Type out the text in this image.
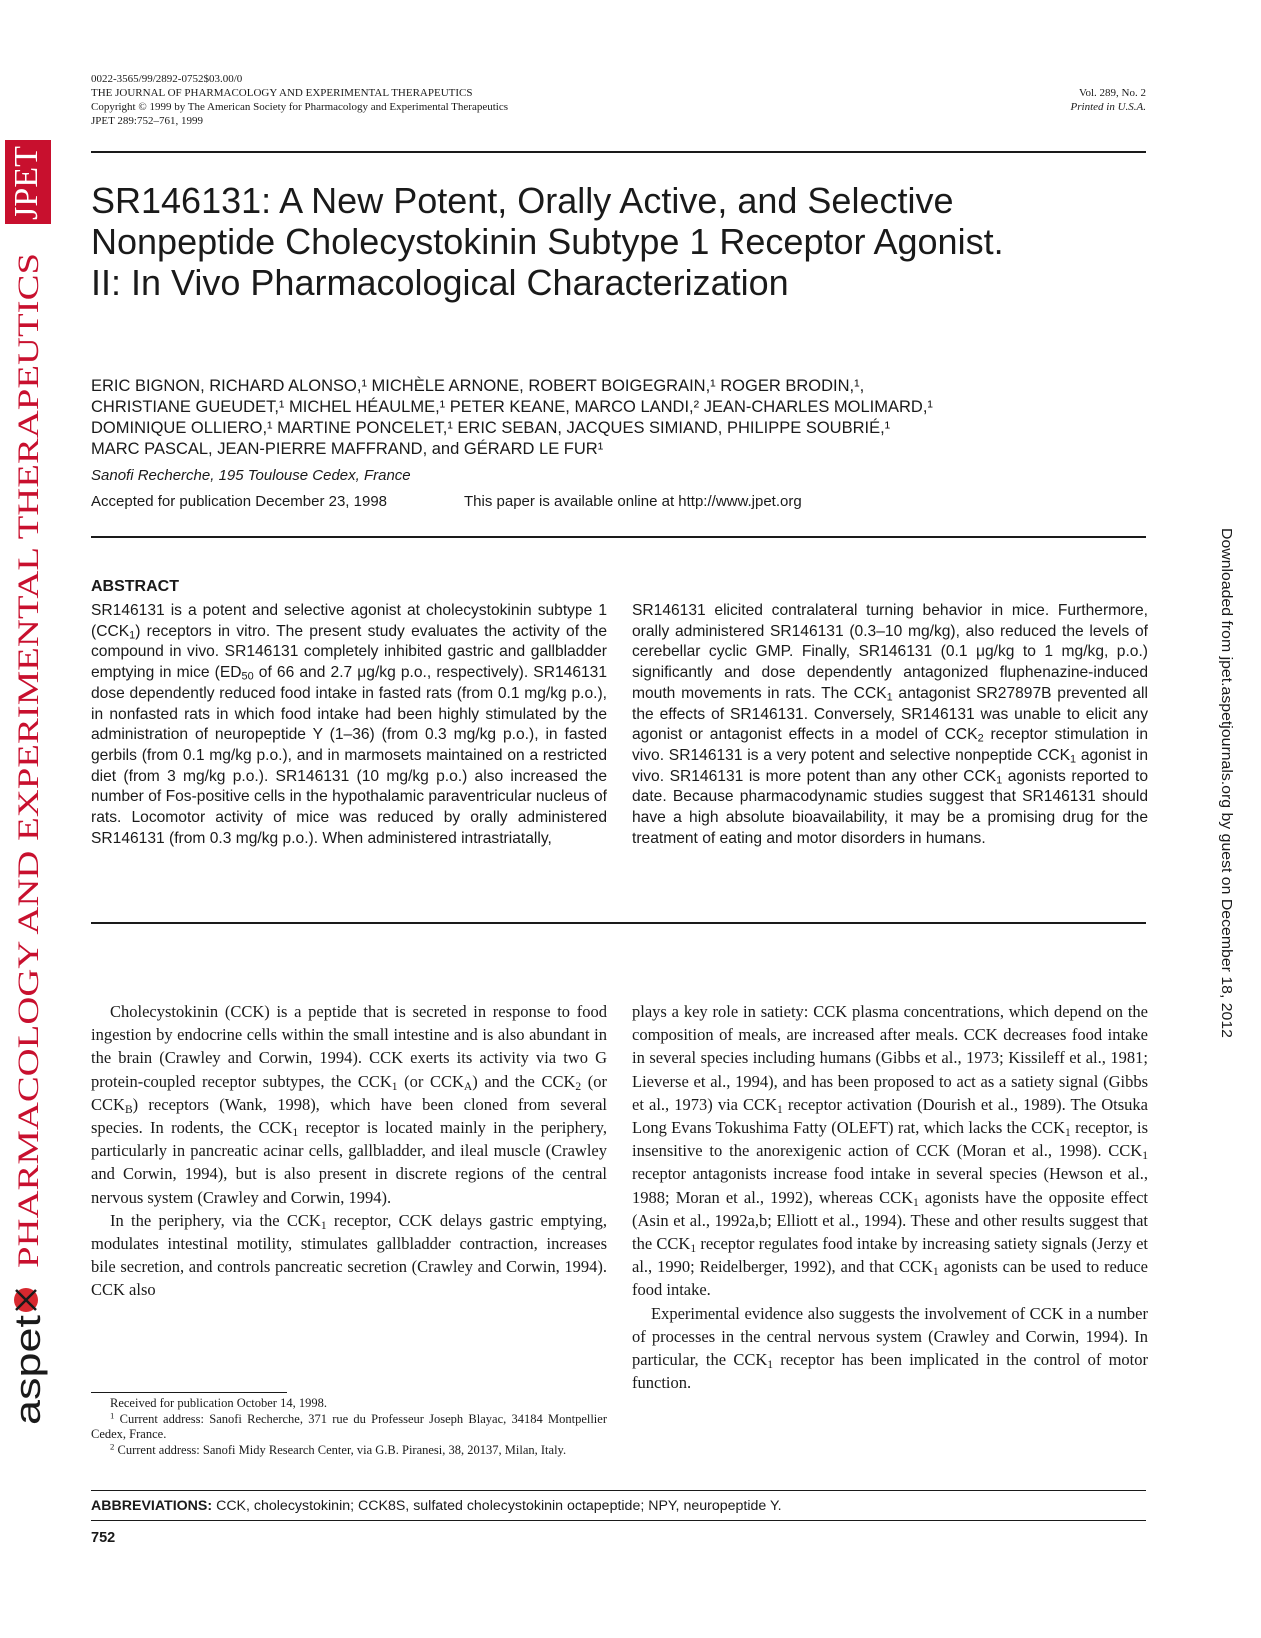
JPET
PHARMACOLOGY AND EXPERIMENTAL THERAPEUTICS
aspet
Downloaded from jpet.aspetjournals.org by guest on December 18, 2012
0022-3565/99/2892-0752$03.00/0
THE JOURNAL OF PHARMACOLOGY AND EXPERIMENTAL THERAPEUTICS
Copyright © 1999 by The American Society for Pharmacology and Experimental Therapeutics
JPET 289:752–761, 1999
Vol. 289, No. 2
Printed in U.S.A.
SR146131: A New Potent, Orally Active, and Selective
Nonpeptide Cholecystokinin Subtype 1 Receptor Agonist.
II: In Vivo Pharmacological Characterization
ERIC BIGNON, RICHARD ALONSO,¹ MICHÈLE ARNONE, ROBERT BOIGEGRAIN,¹ ROGER BRODIN,¹,
CHRISTIANE GUEUDET,¹ MICHEL HÉAULME,¹ PETER KEANE, MARCO LANDI,² JEAN-CHARLES MOLIMARD,¹
DOMINIQUE OLLIERO,¹ MARTINE PONCELET,¹ ERIC SEBAN, JACQUES SIMIAND, PHILIPPE SOUBRIÉ,¹
MARC PASCAL, JEAN-PIERRE MAFFRAND, and GÉRARD LE FUR¹
Sanofi Recherche, 195 Toulouse Cedex, France
Accepted for publication December 23, 1998	This paper is available online at http://www.jpet.org
ABSTRACT
SR146131 is a potent and selective agonist at cholecystokinin subtype 1 $(CCK_1)$ receptors in vitro. The present study evaluates the activity of the compound in vivo. SR146131 completely inhibited gastric and gallbladder emptying in mice ($ED_{50}$ of 66 and 2.7 μg/kg p.o., respectively). SR146131 dose dependently reduced food intake in fasted rats (from 0.1 mg/kg p.o.), in nonfasted rats in which food intake had been highly stimulated by the administration of neuropeptide Y (1–36) (from 0.3 mg/kg p.o.), in fasted gerbils (from 0.1 mg/kg p.o.), and in marmosets maintained on a restricted diet (from 3 mg/kg p.o.). SR146131 (10 mg/kg p.o.) also increased the number of Fos-positive cells in the hypothalamic paraventricular nucleus of rats. Locomotor activity of mice was reduced by orally administered SR146131 (from 0.3 mg/kg p.o.). When administered intrastriatally,
SR146131 elicited contralateral turning behavior in mice. Furthermore, orally administered SR146131 (0.3–10 mg/kg), also reduced the levels of cerebellar cyclic GMP. Finally, SR146131 (0.1 μg/kg to 1 mg/kg, p.o.) significantly and dose dependently antagonized fluphenazine-induced mouth movements in rats. The $CCK_1$ antagonist SR27897B prevented all the effects of SR146131. Conversely, SR146131 was unable to elicit any agonist or antagonist effects in a model of $CCK_2$ receptor stimulation in vivo. SR146131 is a very potent and selective nonpeptide $CCK_1$ agonist in vivo. SR146131 is more potent than any other $CCK_1$ agonists reported to date. Because pharmacodynamic studies suggest that SR146131 should have a high absolute bioavailability, it may be a promising drug for the treatment of eating and motor disorders in humans.

Cholecystokinin (CCK) is a peptide that is secreted in response to food ingestion by endocrine cells within the small intestine and is also abundant in the brain (Crawley and Corwin, 1994). CCK exerts its activity via two G protein-coupled receptor subtypes, the $CCK_1$ (or $CCK_A$) and the $CCK_2$ (or $CCK_B$) receptors (Wank, 1998), which have been cloned from several species. In rodents, the $CCK_1$ receptor is located mainly in the periphery, particularly in pancreatic acinar cells, gallbladder, and ileal muscle (Crawley and Corwin, 1994), but is also present in discrete regions of the central nervous system (Crawley and Corwin, 1994).

In the periphery, via the $CCK_1$ receptor, CCK delays gastric emptying, modulates intestinal motility, stimulates gallbladder contraction, increases bile secretion, and controls pancreatic secretion (Crawley and Corwin, 1994). CCK also

plays a key role in satiety: CCK plasma concentrations, which depend on the composition of meals, are increased after meals. CCK decreases food intake in several species including humans (Gibbs et al., 1973; Kissileff et al., 1981; Lieverse et al., 1994), and has been proposed to act as a satiety signal (Gibbs et al., 1973) via $CCK_1$ receptor activation (Dourish et al., 1989). The Otsuka Long Evans Tokushima Fatty (OLEFT) rat, which lacks the $CCK_1$ receptor, is insensitive to the anorexigenic action of CCK (Moran et al., 1998). $CCK_1$ receptor antagonists increase food intake in several species (Hewson et al., 1988; Moran et al., 1992), whereas $CCK_1$ agonists have the opposite effect (Asin et al., 1992a,b; Elliott et al., 1994). These and other results suggest that the $CCK_1$ receptor regulates food intake by increasing satiety signals (Jerzy et al., 1990; Reidelberger, 1992), and that $CCK_1$ agonists can be used to reduce food intake.

Experimental evidence also suggests the involvement of CCK in a number of processes in the central nervous system (Crawley and Corwin, 1994). In particular, the $CCK_1$ receptor has been implicated in the control of motor function.

Received for publication October 14, 1998.

$^1$ Current address: Sanofi Recherche, 371 rue du Professeur Joseph Blayac, 34184 Montpellier Cedex, France.

$^2$ Current address: Sanofi Midy Research Center, via G.B. Piranesi, 38, 20137, Milan, Italy.

ABBREVIATIONS: CCK, cholecystokinin; CCK8S, sulfated cholecystokinin octapeptide; NPY, neuropeptide Y.
752
